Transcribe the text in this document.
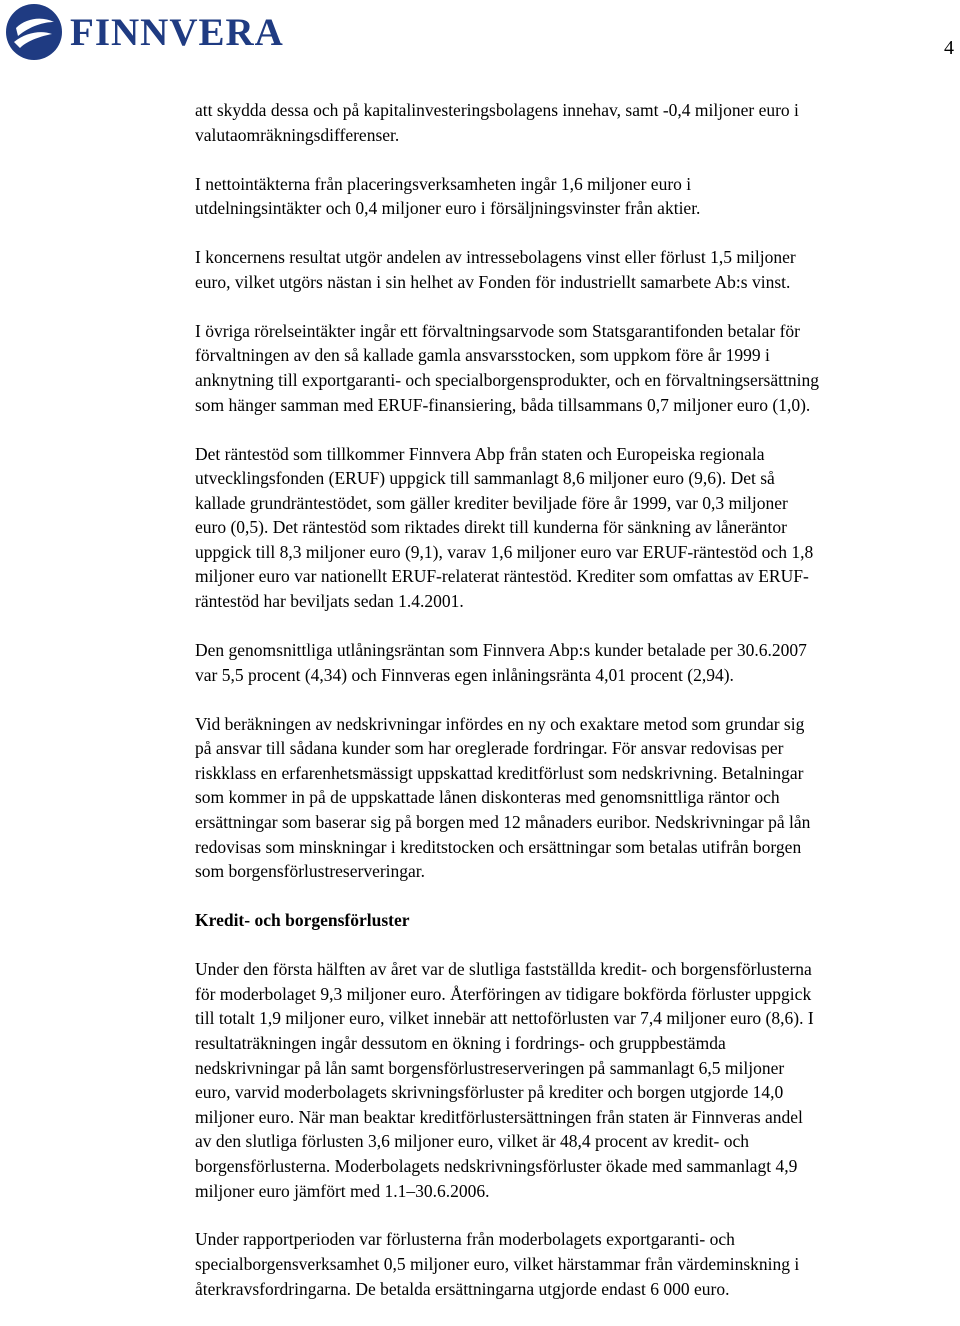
FINNVERA	4

att skydda dessa och på kapitalinvesteringsbolagens innehav, samt -0,4 miljoner euro i
valutaomräkningsdifferenser.

I nettointäkterna från placeringsverksamheten ingår 1,6 miljoner euro i
utdelningsintäkter och 0,4 miljoner euro i försäljningsvinster från aktier.

I koncernens resultat utgör andelen av intressebolagens vinst eller förlust 1,5 miljoner
euro, vilket utgörs nästan i sin helhet av Fonden för industriellt samarbete Ab:s vinst.

I övriga rörelseintäkter ingår ett förvaltningsarvode som Statsgarantifonden betalar för
förvaltningen av den så kallade gamla ansvarsstocken, som uppkom före år 1999 i
anknytning till exportgaranti- och specialborgensprodukter, och en förvaltningsersättning
som hänger samman med ERUF-finansiering, båda tillsammans 0,7 miljoner euro (1,0).

Det räntestöd som tillkommer Finnvera Abp från staten och Europeiska regionala
utvecklingsfonden (ERUF) uppgick till sammanlagt 8,6 miljoner euro (9,6). Det så
kallade grundräntestödet, som gäller krediter beviljade före år 1999, var 0,3 miljoner
euro (0,5). Det räntestöd som riktades direkt till kunderna för sänkning av låneräntor
uppgick till 8,3 miljoner euro (9,1), varav 1,6 miljoner euro var ERUF-räntestöd och 1,8
miljoner euro var nationellt ERUF-relaterat räntestöd. Krediter som omfattas av ERUF-
räntestöd har beviljats sedan 1.4.2001.

Den genomsnittliga utlåningsräntan som Finnvera Abp:s kunder betalade per 30.6.2007
var 5,5 procent (4,34) och Finnveras egen inlåningsränta 4,01 procent (2,94).

Vid beräkningen av nedskrivningar infördes en ny och exaktare metod som grundar sig
på ansvar till sådana kunder som har oreglerade fordringar. För ansvar redovisas per
riskklass en erfarenhetsmässigt uppskattad kreditförlust som nedskrivning. Betalningar
som kommer in på de uppskattade lånen diskonteras med genomsnittliga räntor och
ersättningar som baserar sig på borgen med 12 månaders euribor. Nedskrivningar på lån
redovisas som minskningar i kreditstocken och ersättningar som betalas utifrån borgen
som borgensförlustreserveringar.

Kredit- och borgensförluster

Under den första hälften av året var de slutliga fastställda kredit- och borgensförlusterna
för moderbolaget 9,3 miljoner euro. Återföringen av tidigare bokförda förluster uppgick
till totalt 1,9 miljoner euro, vilket innebär att nettoförlusten var 7,4 miljoner euro (8,6). I
resultaträkningen ingår dessutom en ökning i fordrings- och gruppbestämda
nedskrivningar på lån samt borgensförlustreserveringen på sammanlagt 6,5 miljoner
euro, varvid moderbolagets skrivningsförluster på krediter och borgen utgjorde 14,0
miljoner euro. När man beaktar kreditförlustersättningen från staten är Finnveras andel
av den slutliga förlusten 3,6 miljoner euro, vilket är 48,4 procent av kredit- och
borgensförlusterna. Moderbolagets nedskrivningsförluster ökade med sammanlagt 4,9
miljoner euro jämfört med 1.1–30.6.2006.

Under rapportperioden var förlusterna från moderbolagets exportgaranti- och
specialborgensverksamhet 0,5 miljoner euro, vilket härstammar från värdeminskning i
återkravsfordringarna. De betalda ersättningarna utgjorde endast 6 000 euro.
